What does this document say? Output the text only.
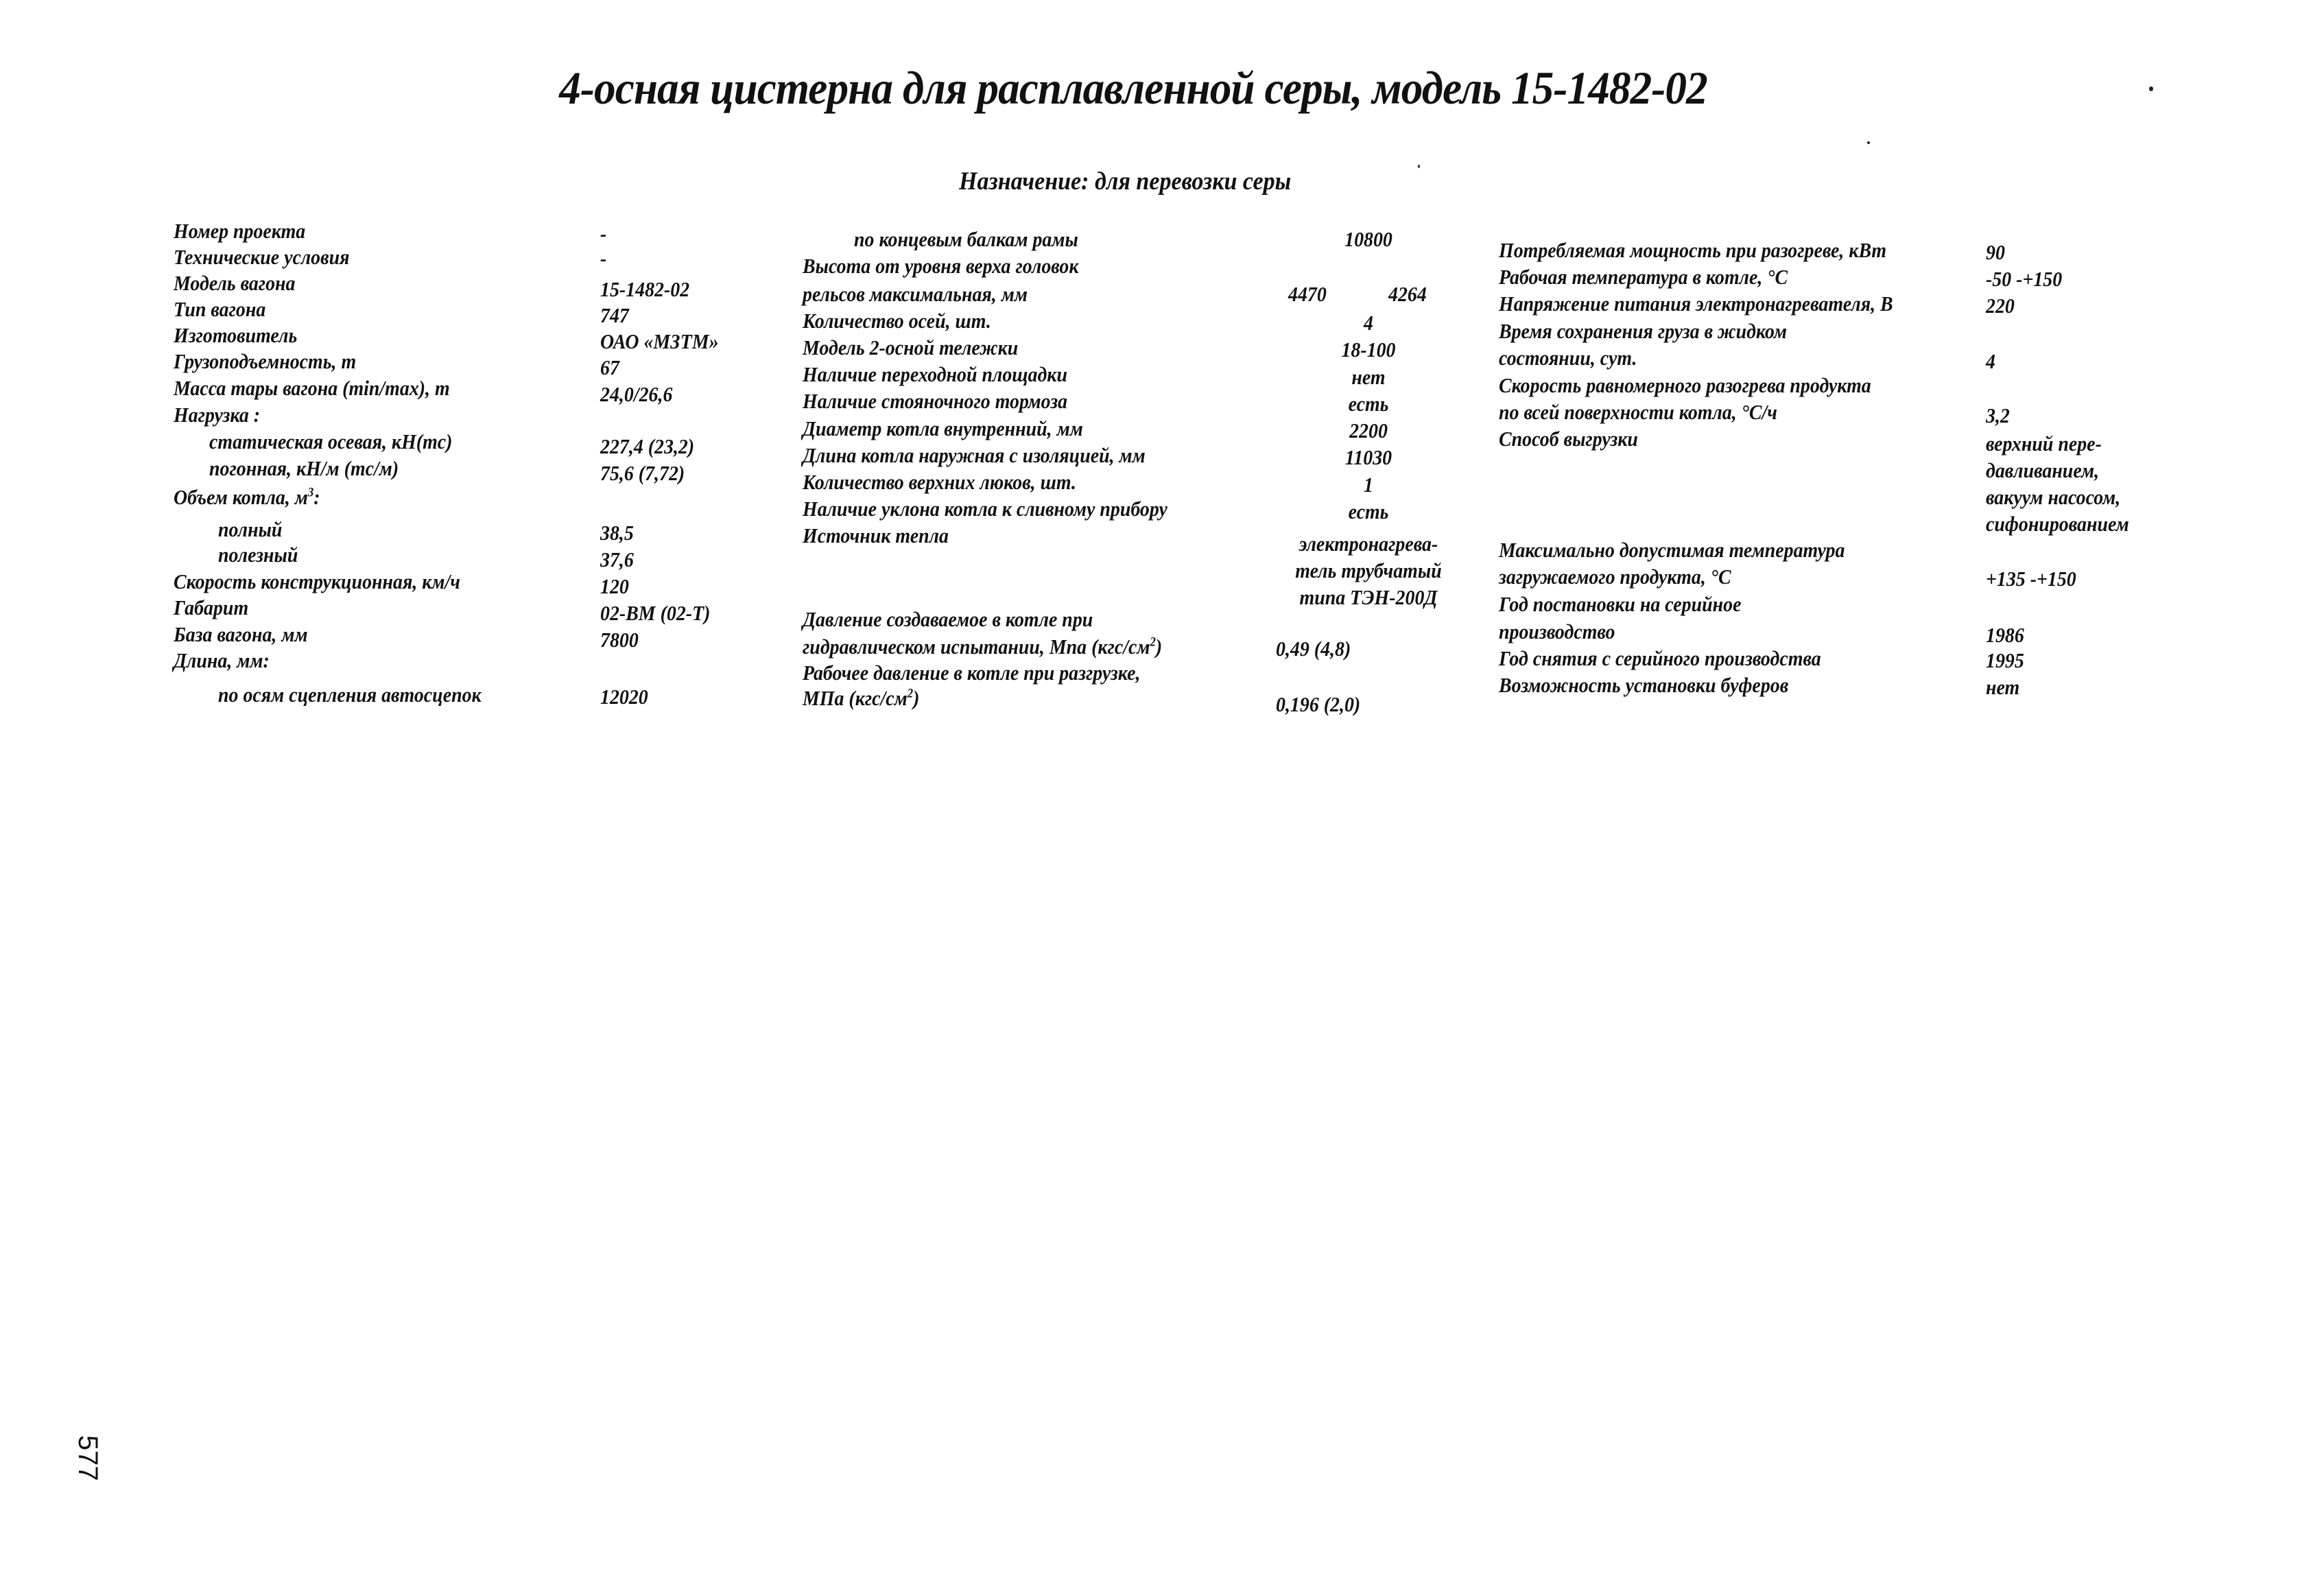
4-осная цистерна для расплавленной серы, модель 15-1482-02
Назначение: для перевозки серы
Номер проекта	-
Технические условия	-
Модель вагона	15-1482-02
Тип вагона	747
Изготовитель	ОАО «МЗТМ»
Грузоподъемность, т	67
Масса тары вагона (min/max), т	24,0/26,6
Нагрузка :
статическая осевая, кН(тс)	227,4 (23,2)
погонная, кН/м (тс/м)	75,6 (7,72)
Объем котла, $м^3$:
полный	38,5
полезный	37,6
Скорость конструкционная, км/ч	120
Габарит	02-ВМ (02-Т)
База вагона, мм	7800
Длина, мм:
по осям сцепления автосцепок	12020
по концевым балкам рамы	10800
Высота от уровня верха головок
рельсов максимальная, мм	4470	4264
Количество осей, шт.	4
Модель 2-осной тележки	18-100
Наличие переходной площадки	нет
Наличие стояночного тормоза	есть
Диаметр котла внутренний, мм	2200
Длина котла наружная с изоляцией, мм	11030
Количество верхних люков, шт.	1
Наличие уклона котла к сливному прибору	есть
Источник тепла	электронагрева-
тель трубчатый
типа ТЭН-200Д
Давление создаваемое в котле при
гидравлическом испытании, Мпа $(кгс/см^2)$	0,49 (4,8)
Рабочее давление в котле при разгрузке,
МПа $(кгс/см^2)$	0,196 (2,0)
Потребляемая мощность при разогреве, кВт	90
Рабочая температура в котле, °С	-50 -+150
Напряжение питания электронагревателя, В	220
Время сохранения груза в жидком
состоянии, сут.	4
Скорость равномерного разогрева продукта
по всей поверхности котла, °С/ч	3,2
Способ выгрузки	верхний пере-
давливанием,
вакуум насосом,
сифонированием
Максимально допустимая температура
загружаемого продукта, °С	+135 -+150
Год постановки на серийное
производство	1986
Год снятия с серийного производства	1995
Возможность установки буферов	нет
577
